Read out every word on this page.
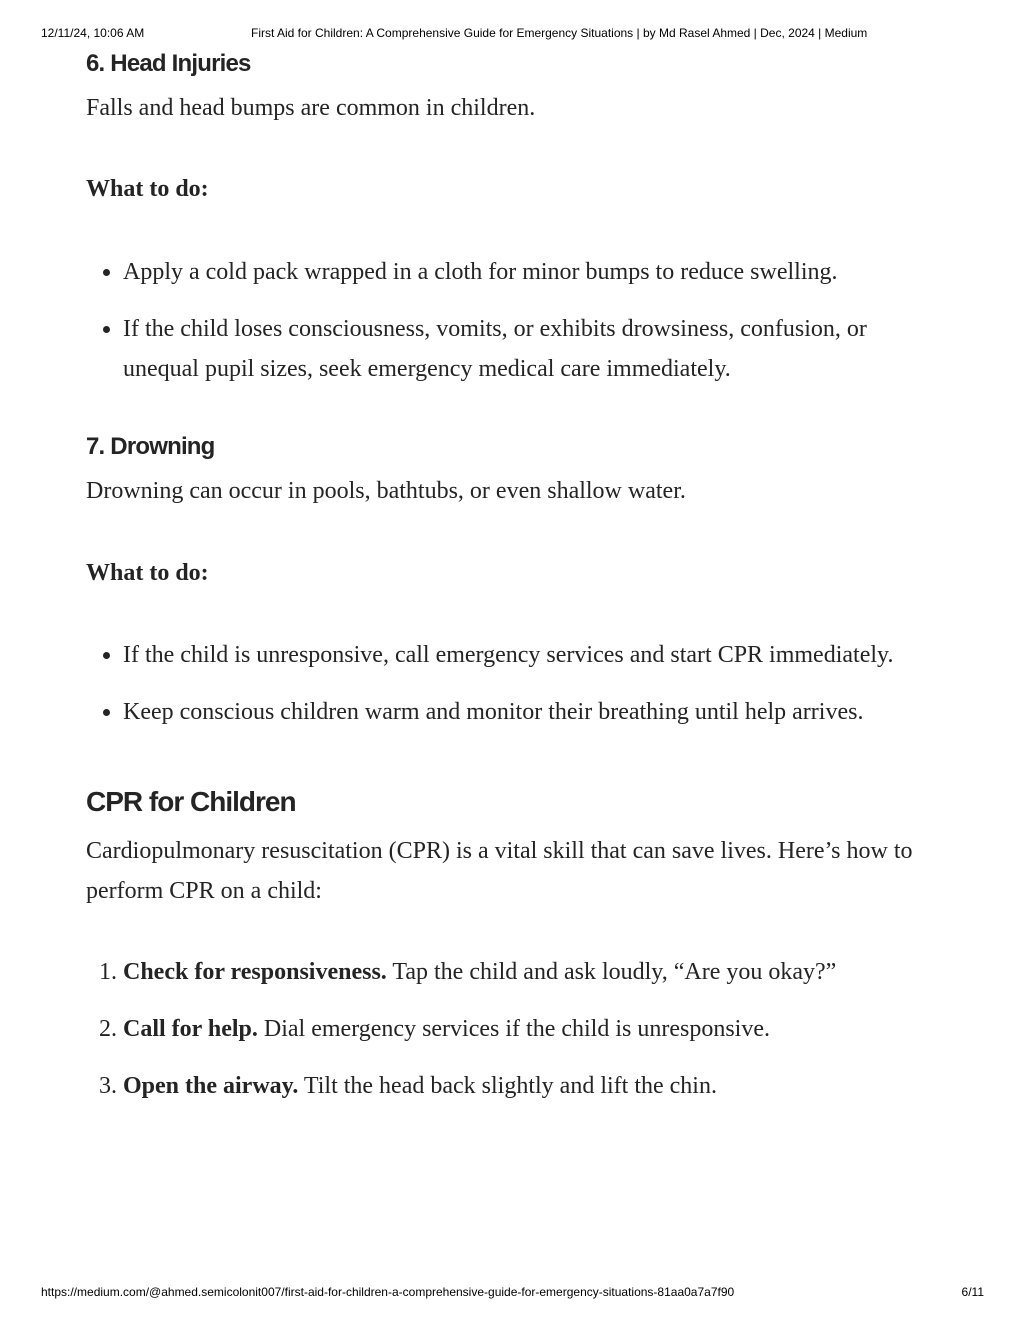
12/11/24, 10:06 AM	First Aid for Children: A Comprehensive Guide for Emergency Situations | by Md Rasel Ahmed | Dec, 2024 | Medium
6. Head Injuries

Falls and head bumps are common in children.

What to do:

• Apply a cold pack wrapped in a cloth for minor bumps to reduce swelling.
• If the child loses consciousness, vomits, or exhibits drowsiness, confusion, or unequal pupil sizes, seek emergency medical care immediately.
7. Drowning

Drowning can occur in pools, bathtubs, or even shallow water.

What to do:

• If the child is unresponsive, call emergency services and start CPR immediately.
• Keep conscious children warm and monitor their breathing until help arrives.
CPR for Children

Cardiopulmonary resuscitation (CPR) is a vital skill that can save lives. Here’s how to perform CPR on a child:

1. Check for responsiveness. Tap the child and ask loudly, “Are you okay?”
2. Call for help. Dial emergency services if the child is unresponsive.
3. Open the airway. Tilt the head back slightly and lift the chin.
https://medium.com/@ahmed.semicolonit007/first-aid-for-children-a-comprehensive-guide-for-emergency-situations-81aa0a7a7f90	6/11
